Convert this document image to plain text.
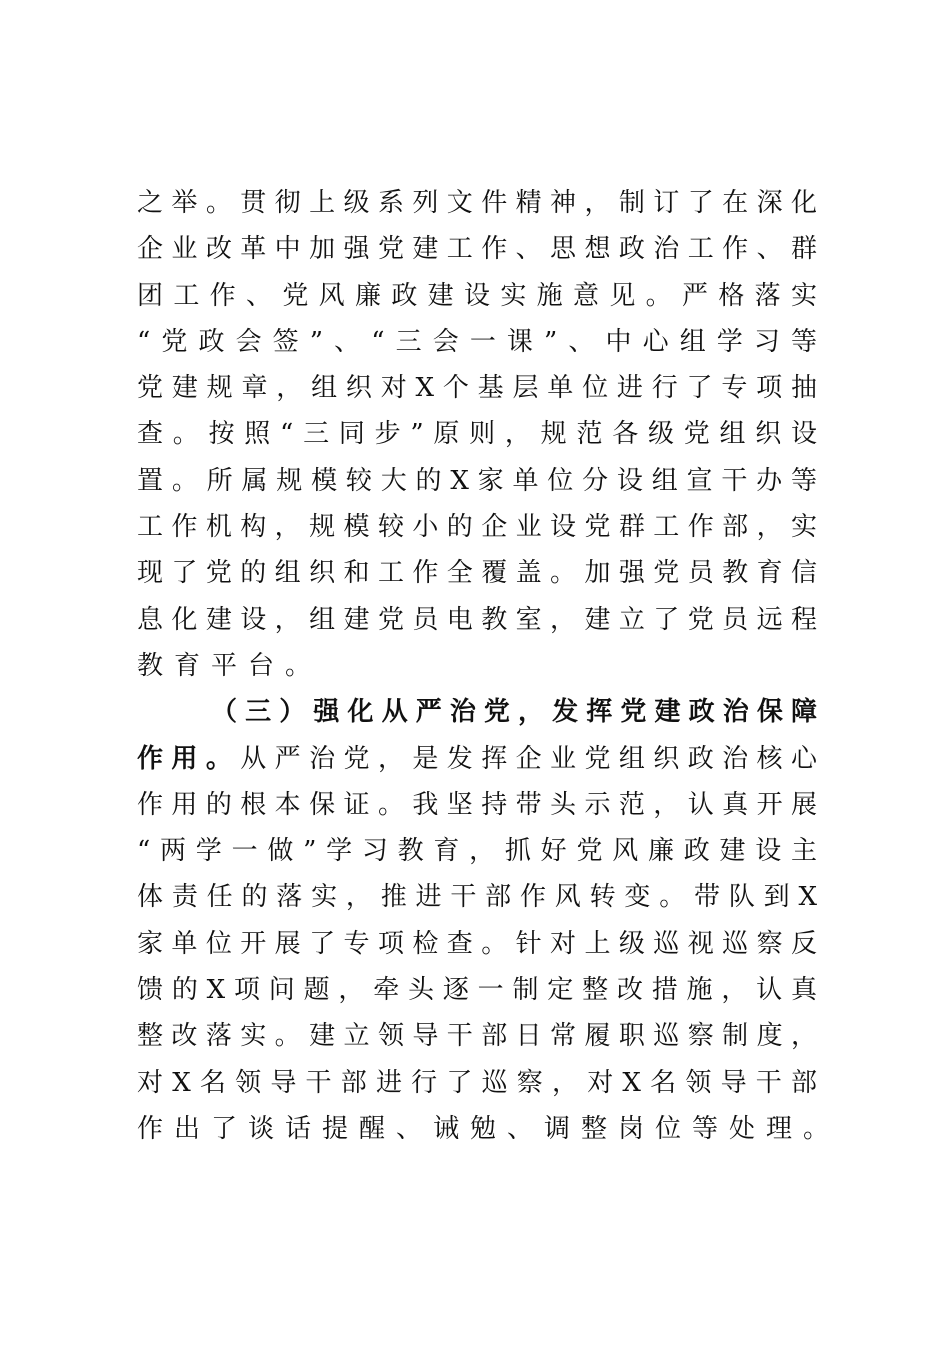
之举。贯彻上级系列文件精神，制订了在深化
企业改革中加强党建工作、思想政治工作、群
团工作、党风廉政建设实施意见。严格落实
“党政会签”、“三会一课”、中心组学习等
党建规章，组织对X个基层单位进行了专项抽
查。按照“三同步”原则，规范各级党组织设
置。所属规模较大的X家单位分设组宣干办等
工作机构，规模较小的企业设党群工作部，实
现了党的组织和工作全覆盖。加强党员教育信
息化建设，组建党员电教室，建立了党员远程
教育平台。
（三）强化从严治党，发挥党建政治保障
作用。从严治党，是发挥企业党组织政治核心
作用的根本保证。我坚持带头示范，认真开展
“两学一做”学习教育，抓好党风廉政建设主
体责任的落实，推进干部作风转变。带队到X
家单位开展了专项检查。针对上级巡视巡察反
馈的X项问题，牵头逐一制定整改措施，认真
整改落实。建立领导干部日常履职巡察制度，
对X名领导干部进行了巡察，对X名领导干部
作出了谈话提醒、诫勉、调整岗位等处理。
